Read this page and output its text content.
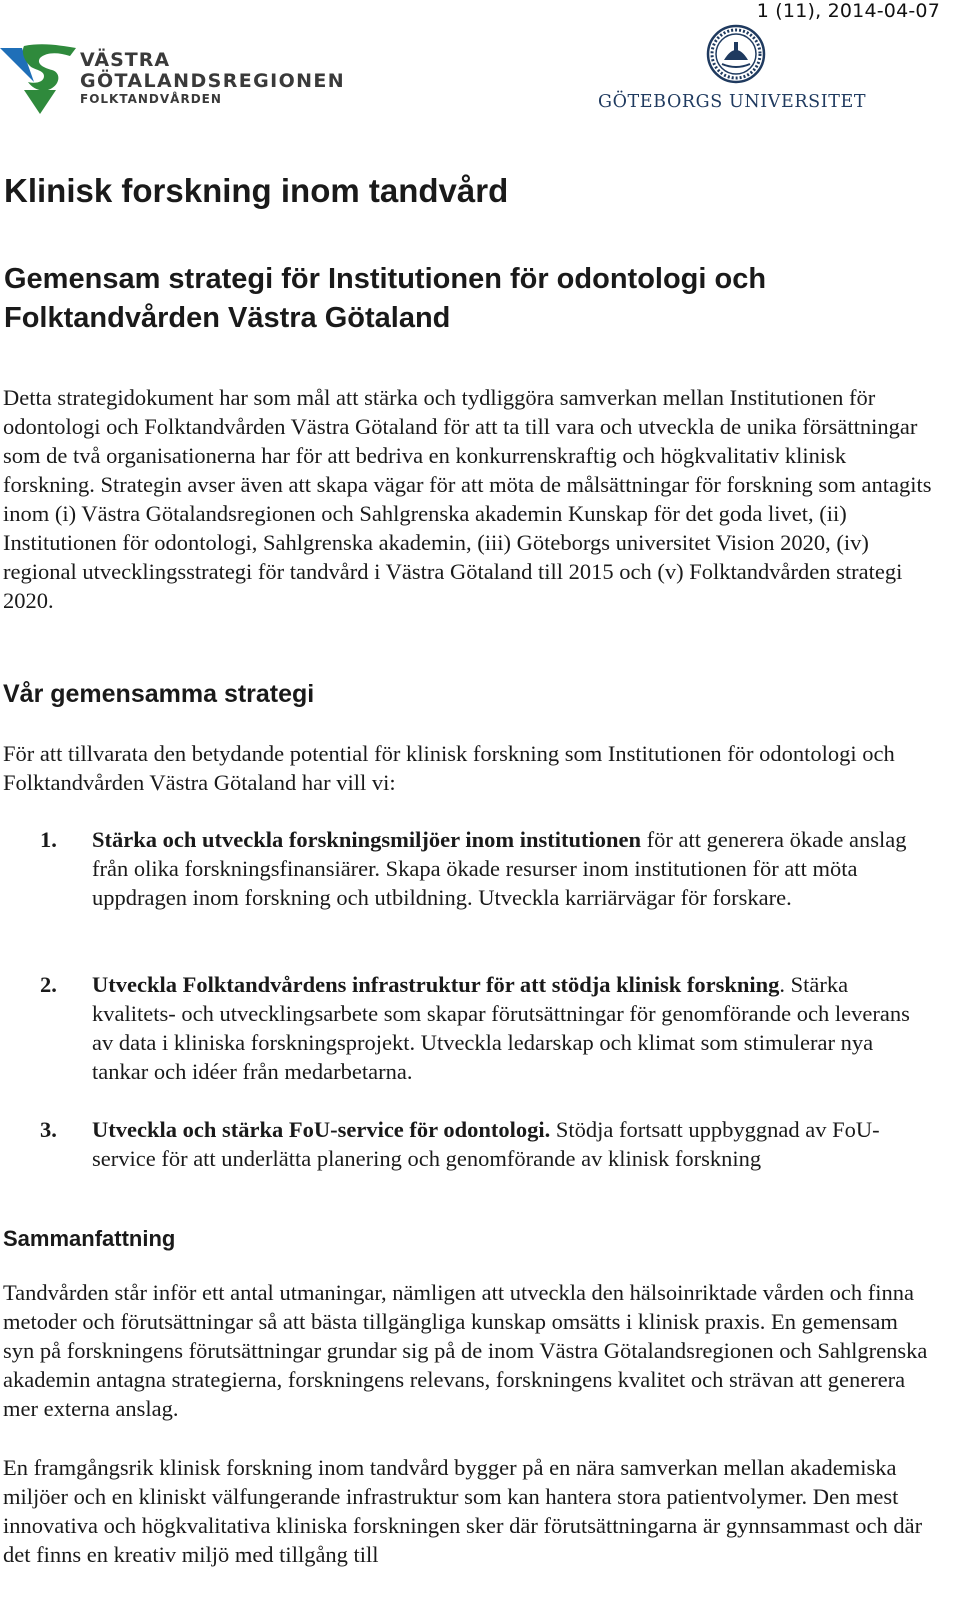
1 (11), 2014-04-07
VÄSTRA
GÖTALANDSREGIONEN
FOLKTANDVÅRDEN	GÖTEBORGS UNIVERSITET
Klinisk forskning inom tandvård
Gemensam strategi för Institutionen för odontologi och Folktandvården Västra Götaland

Detta strategidokument har som mål att stärka och tydliggöra samverkan mellan Institutionen för odontologi och Folktandvården Västra Götaland för att ta till vara och utveckla de unika försättningar som de två organisationerna har för att bedriva en konkurrenskraftig och högkvalitativ klinisk forskning. Strategin avser även att skapa vägar för att möta de målsättningar för forskning som antagits inom (i) Västra Götalandsregionen och Sahlgrenska akademin Kunskap för det goda livet, (ii) Institutionen för odontologi, Sahlgrenska akademin, (iii) Göteborgs universitet Vision 2020, (iv) regional utvecklingsstrategi för tandvård i Västra Götaland till 2015 och (v) Folktandvården strategi 2020.

Vår gemensamma strategi

För att tillvarata den betydande potential för klinisk forskning som Institutionen för odontologi och Folktandvården Västra Götaland har vill vi:

1. Stärka och utveckla forskningsmiljöer inom institutionen för att generera ökade anslag från olika forskningsfinansiärer. Skapa ökade resurser inom institutionen för att möta uppdragen inom forskning och utbildning. Utveckla karriärvägar för forskare.
2. Utveckla Folktandvårdens infrastruktur för att stödja klinisk forskning. Stärka kvalitets- och utvecklingsarbete som skapar förutsättningar för genomförande och leverans av data i kliniska forskningsprojekt. Utveckla ledarskap och klimat som stimulerar nya tankar och idéer från medarbetarna.
3. Utveckla och stärka FoU-service för odontologi. Stödja fortsatt uppbyggnad av FoU-service för att underlätta planering och genomförande av klinisk forskning
Sammanfattning

Tandvården står inför ett antal utmaningar, nämligen att utveckla den hälsoinriktade vården och finna metoder och förutsättningar så att bästa tillgängliga kunskap omsätts i klinisk praxis. En gemensam syn på forskningens förutsättningar grundar sig på de inom Västra Götalandsregionen och Sahlgrenska akademin antagna strategierna, forskningens relevans, forskningens kvalitet och strävan att generera mer externa anslag.

En framgångsrik klinisk forskning inom tandvård bygger på en nära samverkan mellan akademiska miljöer och en kliniskt välfungerande infrastruktur som kan hantera stora patientvolymer. Den mest innovativa och högkvalitativa kliniska forskningen sker där förutsättningarna är gynnsammast och där det finns en kreativ miljö med tillgång till
